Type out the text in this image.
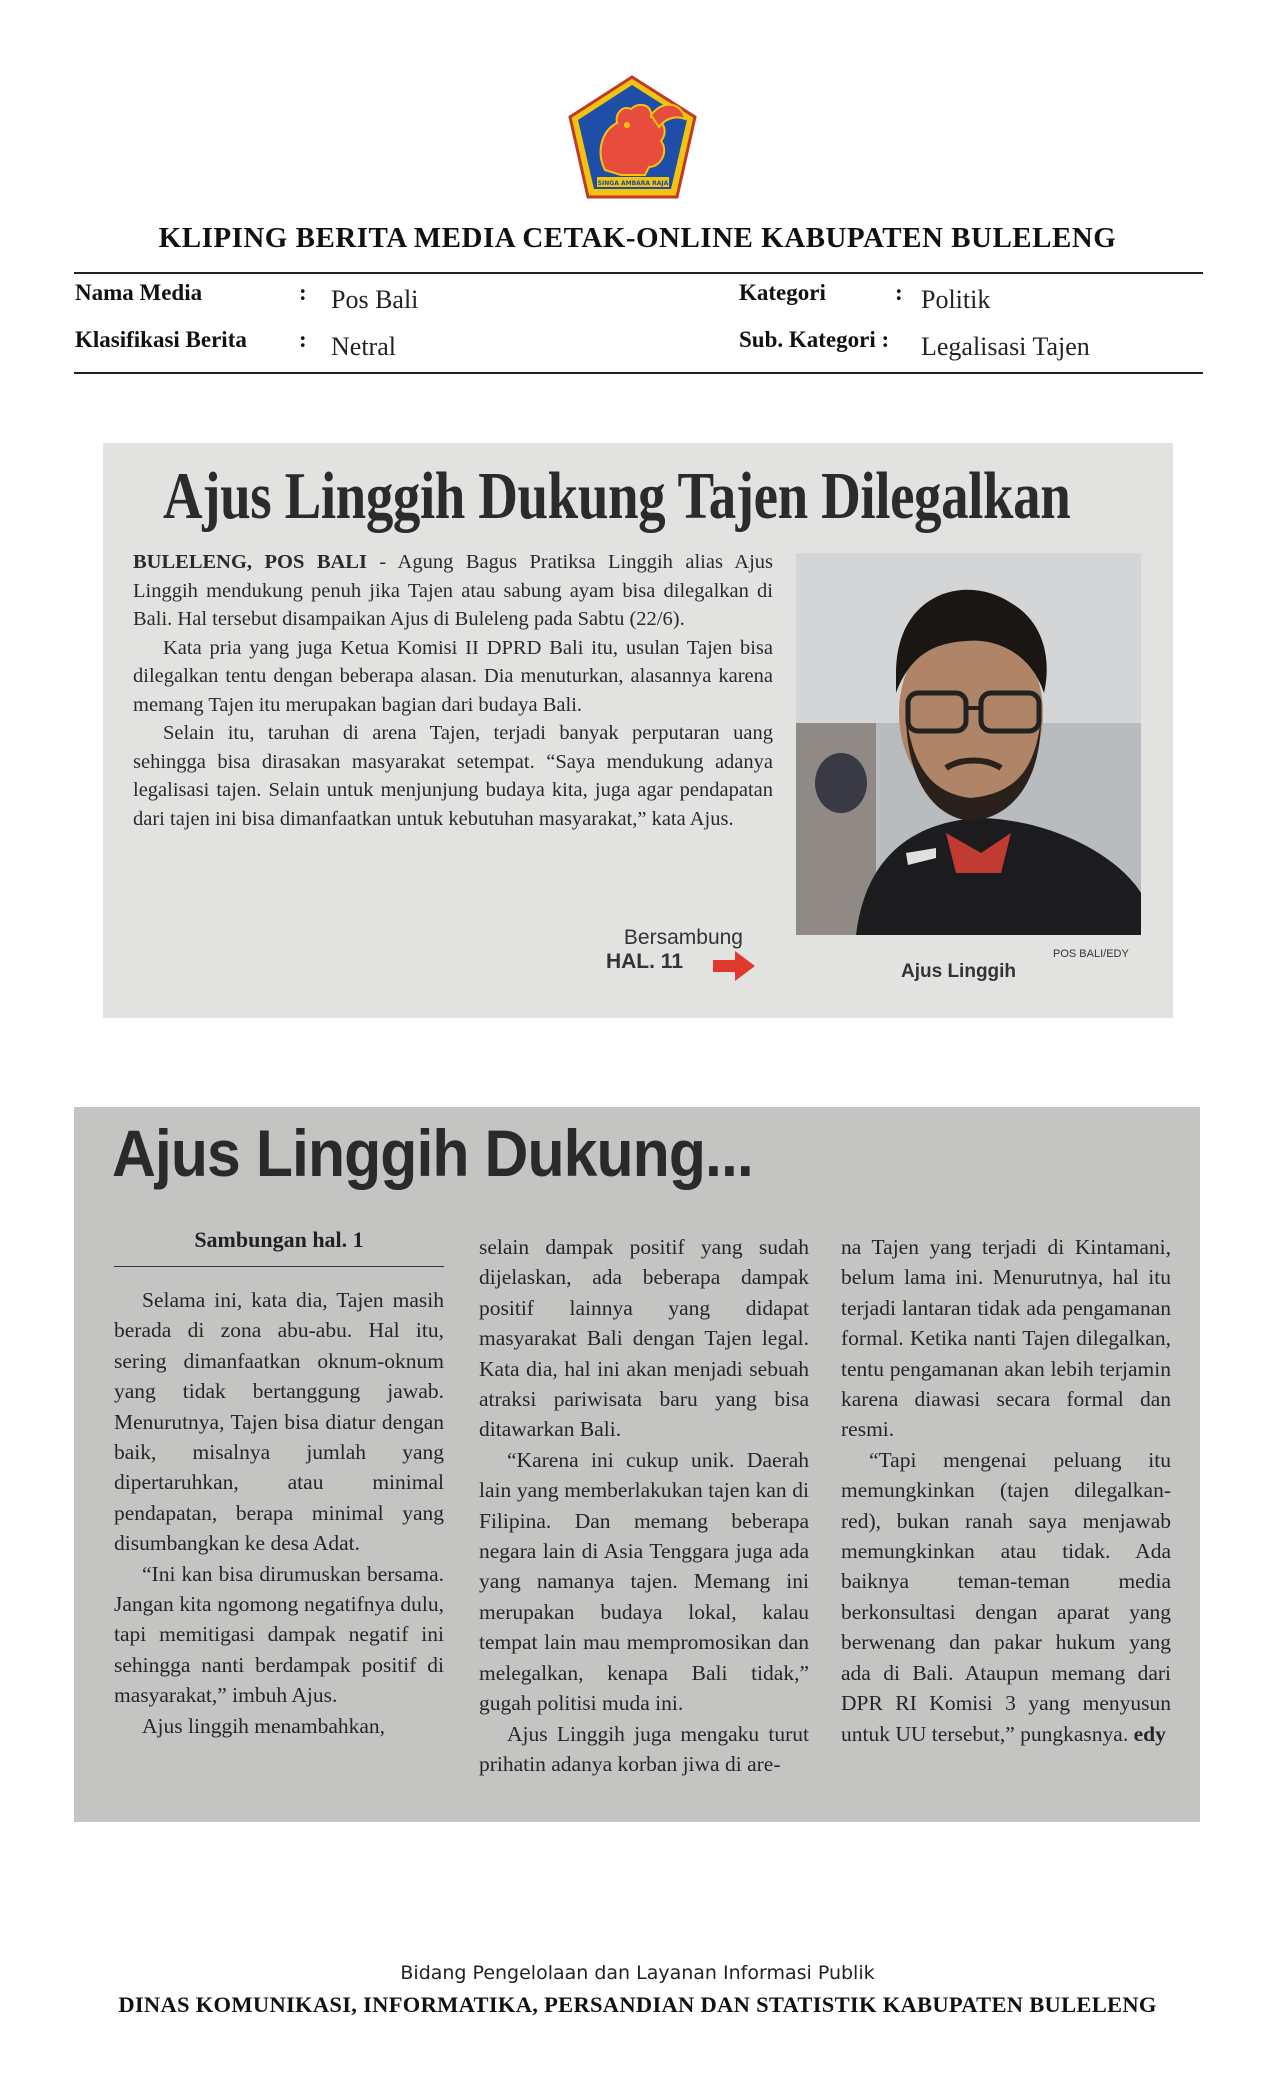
SINGA AMBARA RAJA
KLIPING BERITA MEDIA CETAK-ONLINE KABUPATEN BULELENG
Nama Media	: Pos Bali	Kategori	: Politik
Klasifikasi Berita : Netral	Sub. Kategori : Legalisasi Tajen
Ajus Linggih Dukung Tajen Dilegalkan

BULELENG, POS BALI - Agung Bagus Pratiksa Linggih alias Ajus Linggih mendukung penuh jika Tajen atau sabung ayam bisa dilegalkan di Bali. Hal tersebut disampaikan Ajus di Buleleng pada Sabtu (22/6).

Kata pria yang juga Ketua Komisi II DPRD Bali itu, usulan Tajen bisa dilegalkan tentu dengan beberapa alasan. Dia menuturkan, alasannya karena memang Tajen itu merupakan bagian dari budaya Bali.

Selain itu, taruhan di arena Tajen, terjadi banyak perputaran uang sehingga bisa dirasakan masyarakat setempat. “Saya mendukung adanya legalisasi tajen. Selain untuk menjunjung budaya kita, juga agar pendapatan dari tajen ini bisa dimanfaatkan untuk kebutuhan masyarakat,” kata Ajus.

Bersambung
HAL. 11	POS BALI/EDY
Ajus Linggih
Ajus Linggih Dukung...
Sambungan hal. 1

Selama ini, kata dia, Tajen masih berada di zona abu-abu. Hal itu, sering dimanfaatkan oknum-oknum yang tidak bertanggung jawab. Menurutnya, Tajen bisa diatur dengan baik, misalnya jumlah yang dipertaruhkan, atau minimal pendapatan, berapa minimal yang disumbangkan ke desa Adat.

“Ini kan bisa dirumuskan bersama. Jangan kita ngomong negatifnya dulu, tapi memitigasi dampak negatif ini sehingga nanti berdampak positif di masyarakat,” imbuh Ajus.

Ajus linggih menambahkan,

selain dampak positif yang sudah dijelaskan, ada beberapa dampak positif lainnya yang didapat masyarakat Bali dengan Tajen legal. Kata dia, hal ini akan menjadi sebuah atraksi pariwisata baru yang bisa ditawarkan Bali.

“Karena ini cukup unik. Daerah lain yang memberlakukan tajen kan di Filipina. Dan memang beberapa negara lain di Asia Tenggara juga ada yang namanya tajen. Memang ini merupakan budaya lokal, kalau tempat lain mau mempromosikan dan melegalkan, kenapa Bali tidak,” gugah politisi muda ini.

Ajus Linggih juga mengaku turut prihatin adanya korban jiwa di are-

na Tajen yang terjadi di Kintamani, belum lama ini. Menurutnya, hal itu terjadi lantaran tidak ada pengamanan formal. Ketika nanti Tajen dilegalkan, tentu pengamanan akan lebih terjamin karena diawasi secara formal dan resmi.

“Tapi mengenai peluang itu memungkinkan (tajen dilegalkan-red), bukan ranah saya menjawab memungkinkan atau tidak. Ada baiknya teman-teman media berkonsultasi dengan aparat yang berwenang dan pakar hukum yang ada di Bali. Ataupun memang dari DPR RI Komisi 3 yang menyusun untuk UU tersebut,” pungkasnya. edy

Bidang Pengelolaan dan Layanan Informasi Publik
DINAS KOMUNIKASI, INFORMATIKA, PERSANDIAN DAN STATISTIK KABUPATEN BULELENG
